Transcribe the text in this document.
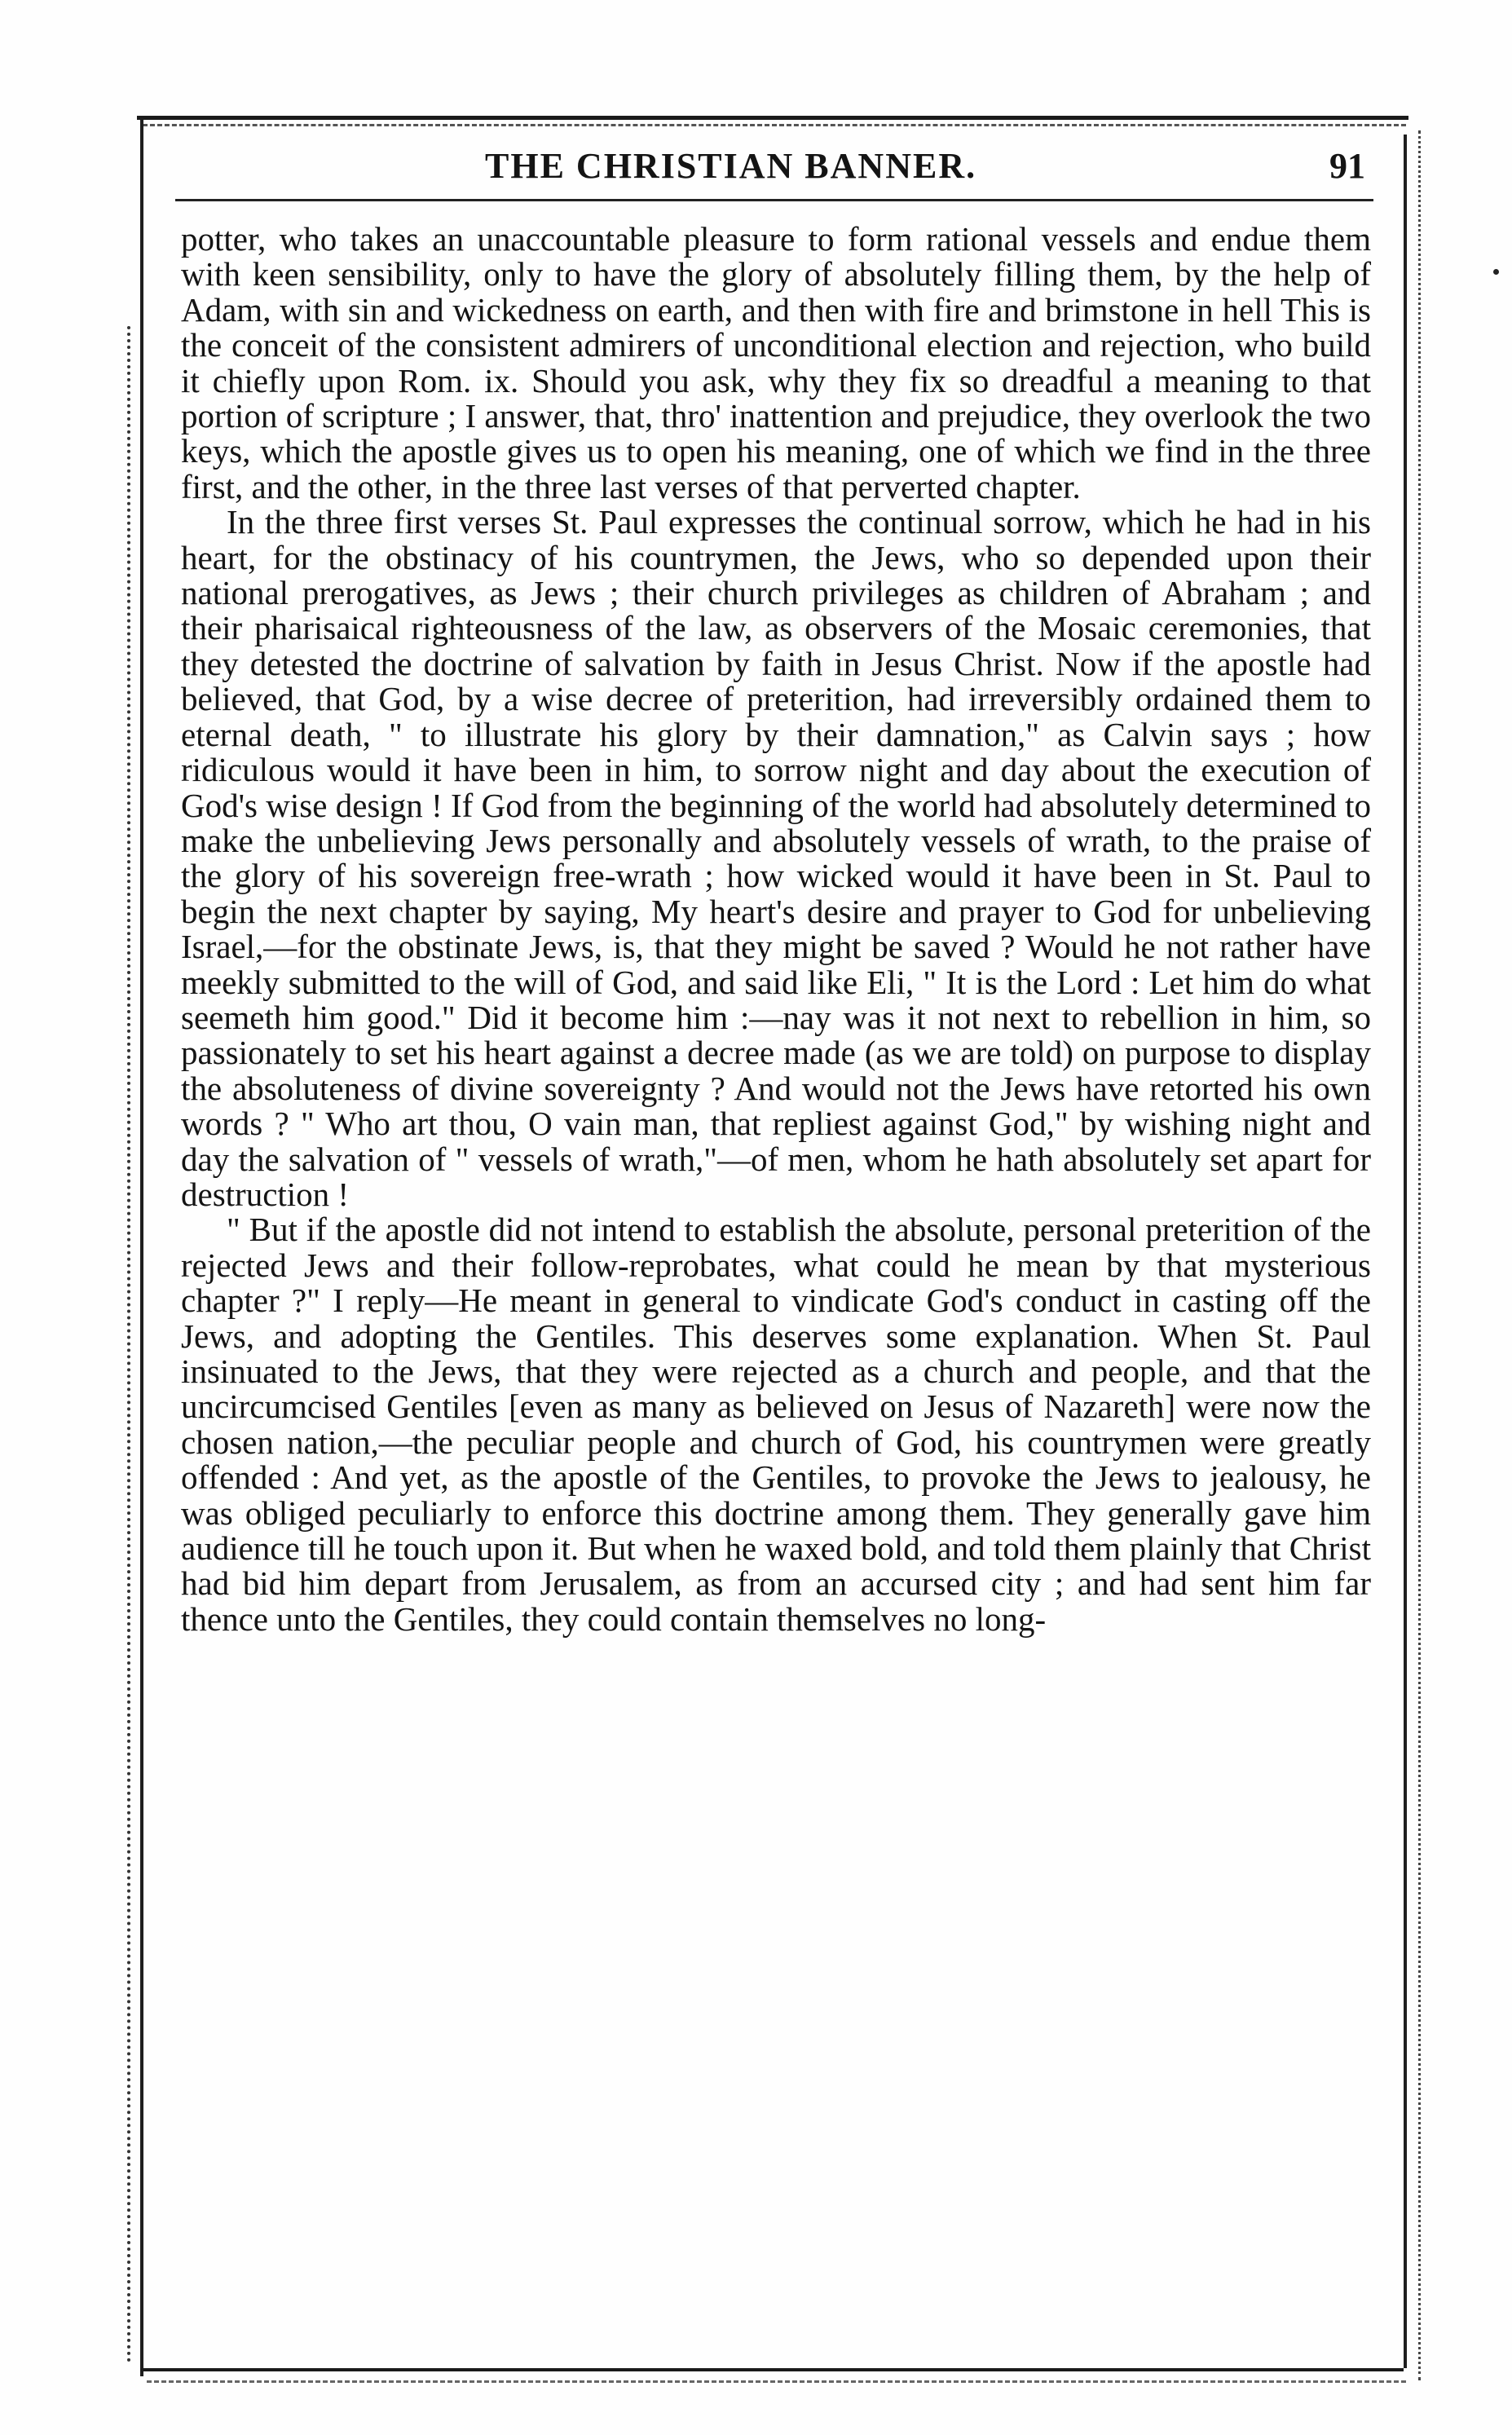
THE CHRISTIAN BANNER.	91

potter, who takes an unaccountable pleasure to form rational vessels and endue them with keen sensibility, only to have the glory of absolutely filling them, by the help of Adam, with sin and wickedness on earth, and then with fire and brimstone in hell This is the conceit of the consistent admirers of unconditional election and rejection, who build it chiefly upon Rom. ix. Should you ask, why they fix so dreadful a meaning to that portion of scripture ; I answer, that, thro' inattention and prejudice, they overlook the two keys, which the apostle gives us to open his meaning, one of which we find in the three first, and the other, in the three last verses of that perverted chapter.

In the three first verses St. Paul expresses the continual sorrow, which he had in his heart, for the obstinacy of his countrymen, the Jews, who so depended upon their national prerogatives, as Jews ; their church privileges as children of Abraham ; and their pharisaical righteousness of the law, as observers of the Mosaic ceremonies, that they detested the doctrine of salvation by faith in Jesus Christ. Now if the apostle had believed, that God, by a wise decree of preterition, had irreversibly ordained them to eternal death, " to illustrate his glory by their damnation," as Calvin says ; how ridiculous would it have been in him, to sorrow night and day about the execution of God's wise design ! If God from the beginning of the world had absolutely determined to make the unbelieving Jews personally and absolutely vessels of wrath, to the praise of the glory of his sovereign free-wrath ; how wicked would it have been in St. Paul to begin the next chapter by saying, My heart's desire and prayer to God for unbelieving Israel,—for the obstinate Jews, is, that they might be saved ? Would he not rather have meekly submitted to the will of God, and said like Eli, " It is the Lord : Let him do what seemeth him good." Did it become him :—nay was it not next to rebellion in him, so passionately to set his heart against a decree made (as we are told) on purpose to display the absoluteness of divine sovereignty ? And would not the Jews have retorted his own words ? " Who art thou, O vain man, that repliest against God," by wishing night and day the salvation of " vessels of wrath,"—of men, whom he hath absolutely set apart for destruction !

" But if the apostle did not intend to establish the absolute, personal preterition of the rejected Jews and their follow-reprobates, what could he mean by that mysterious chapter ?" I reply—He meant in general to vindicate God's conduct in casting off the Jews, and adopting the Gentiles. This deserves some explanation. When St. Paul insinuated to the Jews, that they were rejected as a church and people, and that the uncircumcised Gentiles [even as many as believed on Jesus of Nazareth] were now the chosen nation,—the peculiar people and church of God, his countrymen were greatly offended : And yet, as the apostle of the Gentiles, to provoke the Jews to jealousy, he was obliged peculiarly to enforce this doctrine among them. They generally gave him audience till he touch upon it. But when he waxed bold, and told them plainly that Christ had bid him depart from Jerusalem, as from an accursed city ; and had sent him far thence unto the Gentiles, they could contain themselves no long-
